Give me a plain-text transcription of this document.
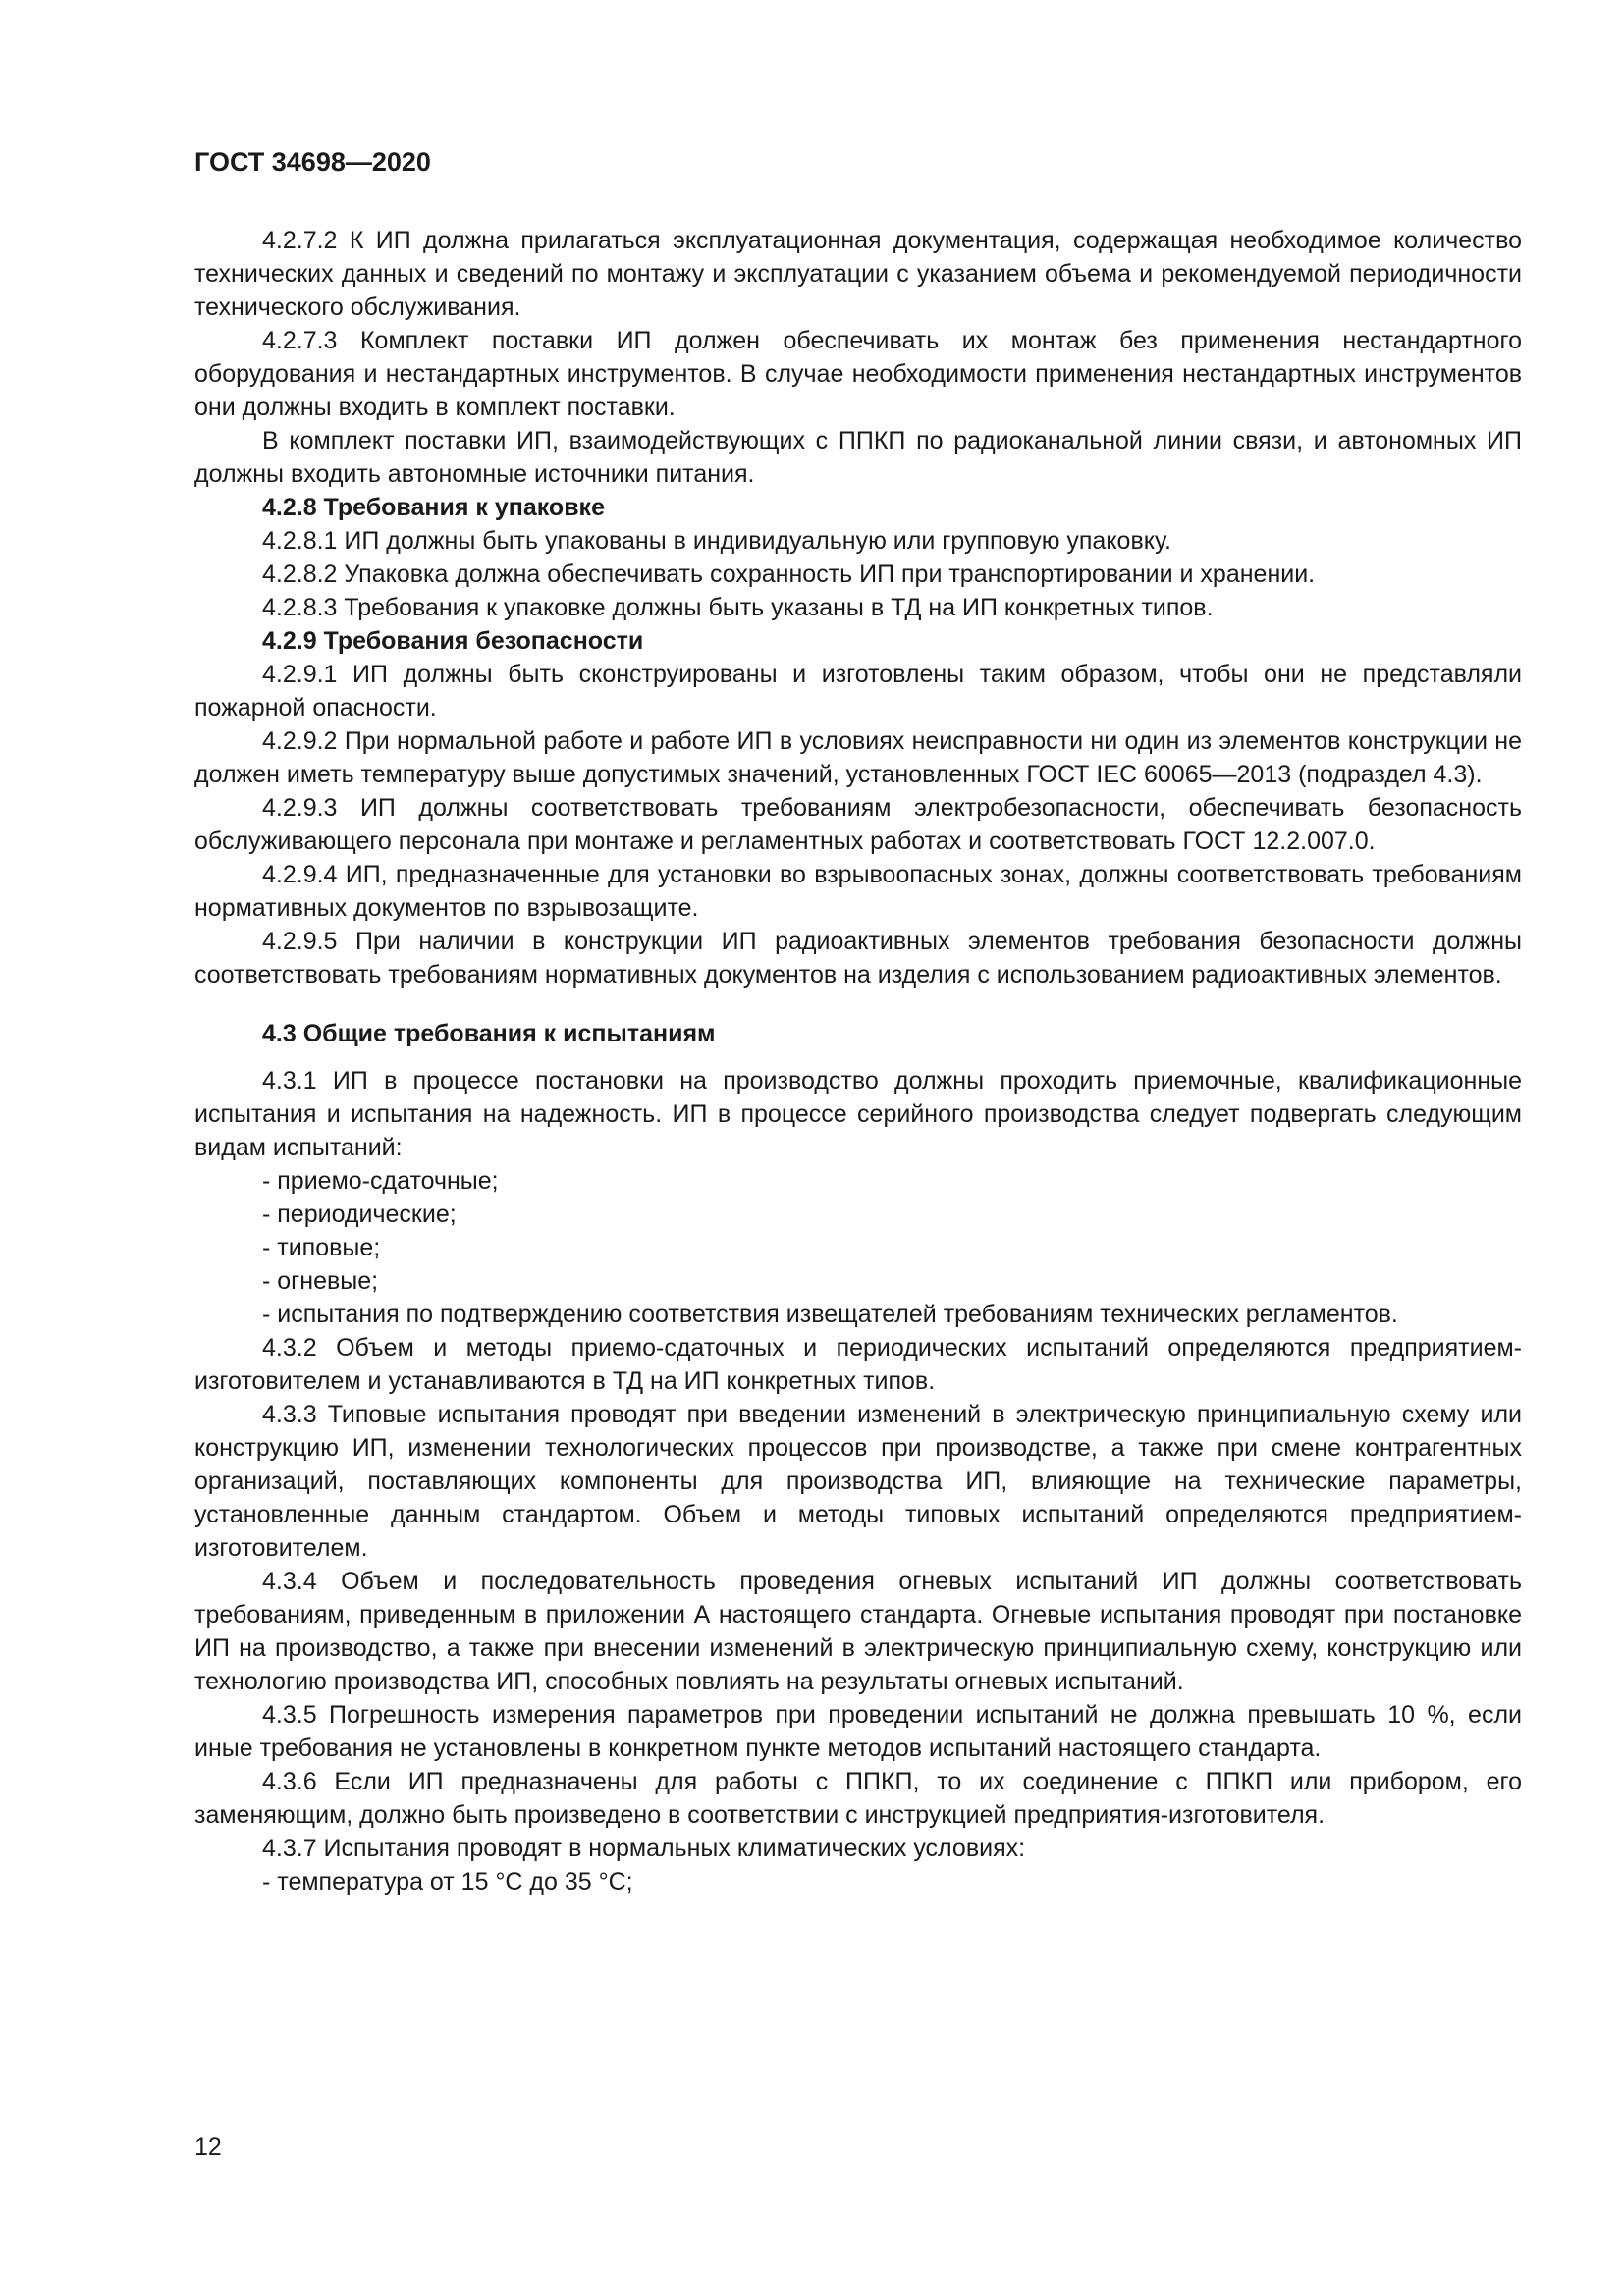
ГОСТ 34698—2020

4.2.7.2 К ИП должна прилагаться эксплуатационная документация, содержащая необходимое количество технических данных и сведений по монтажу и эксплуатации с указанием объема и рекомендуемой периодичности технического обслуживания.

4.2.7.3 Комплект поставки ИП должен обеспечивать их монтаж без применения нестандартного оборудования и нестандартных инструментов. В случае необходимости применения нестандартных инструментов они должны входить в комплект поставки.

В комплект поставки ИП, взаимодействующих с ППКП по радиоканальной линии связи, и автономных ИП должны входить автономные источники питания.

4.2.8 Требования к упаковке

4.2.8.1 ИП должны быть упакованы в индивидуальную или групповую упаковку.

4.2.8.2 Упаковка должна обеспечивать сохранность ИП при транспортировании и хранении.

4.2.8.3 Требования к упаковке должны быть указаны в ТД на ИП конкретных типов.

4.2.9 Требования безопасности

4.2.9.1 ИП должны быть сконструированы и изготовлены таким образом, чтобы они не представляли пожарной опасности.

4.2.9.2 При нормальной работе и работе ИП в условиях неисправности ни один из элементов конструкции не должен иметь температуру выше допустимых значений, установленных ГОСТ IEC 60065—2013 (подраздел 4.3).

4.2.9.3 ИП должны соответствовать требованиям электробезопасности, обеспечивать безопасность обслуживающего персонала при монтаже и регламентных работах и соответствовать ГОСТ 12.2.007.0.

4.2.9.4 ИП, предназначенные для установки во взрывоопасных зонах, должны соответствовать требованиям нормативных документов по взрывозащите.

4.2.9.5 При наличии в конструкции ИП радиоактивных элементов требования безопасности должны соответствовать требованиям нормативных документов на изделия с использованием радиоактивных элементов.

4.3 Общие требования к испытаниям

4.3.1 ИП в процессе постановки на производство должны проходить приемочные, квалификационные испытания и испытания на надежность. ИП в процессе серийного производства следует подвергать следующим видам испытаний:

- приемо-сдаточные;

- периодические;

- типовые;

- огневые;

- испытания по подтверждению соответствия извещателей требованиям технических регламентов.

4.3.2 Объем и методы приемо-сдаточных и периодических испытаний определяются предприятием-изготовителем и устанавливаются в ТД на ИП конкретных типов.

4.3.3 Типовые испытания проводят при введении изменений в электрическую принципиальную схему или конструкцию ИП, изменении технологических процессов при производстве, а также при смене контрагентных организаций, поставляющих компоненты для производства ИП, влияющие на технические параметры, установленные данным стандартом. Объем и методы типовых испытаний определяются предприятием-изготовителем.

4.3.4 Объем и последовательность проведения огневых испытаний ИП должны соответствовать требованиям, приведенным в приложении А настоящего стандарта. Огневые испытания проводят при постановке ИП на производство, а также при внесении изменений в электрическую принципиальную схему, конструкцию или технологию производства ИП, способных повлиять на результаты огневых испытаний.

4.3.5 Погрешность измерения параметров при проведении испытаний не должна превышать 10 %, если иные требования не установлены в конкретном пункте методов испытаний настоящего стандарта.

4.3.6 Если ИП предназначены для работы с ППКП, то их соединение с ППКП или прибором, его заменяющим, должно быть произведено в соответствии с инструкцией предприятия-изготовителя.

4.3.7 Испытания проводят в нормальных климатических условиях:

- температура от 15 °С до 35 °С;

12
